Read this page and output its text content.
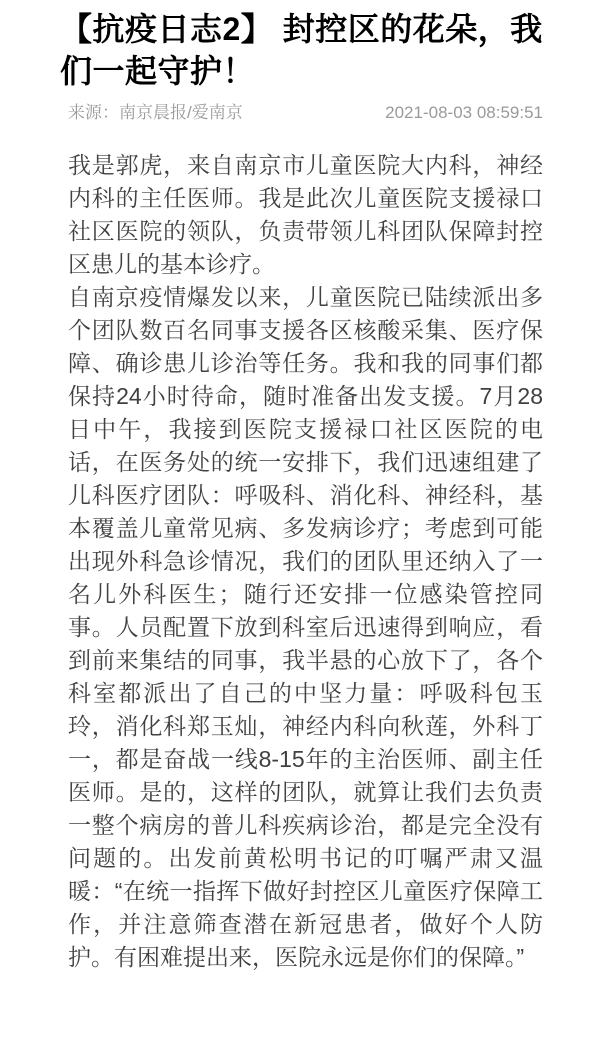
【抗疫日志2】 封控区的花朵，我们一起守护！
来源：南京晨报/爱南京	2021-08-03 08:59:51

我是郭虎，来自南京市儿童医院大内科，神经内科的主任医师。我是此次儿童医院支援禄口社区医院的领队，负责带领儿科团队保障封控区患儿的基本诊疗。

自南京疫情爆发以来，儿童医院已陆续派出多个团队数百名同事支援各区核酸采集、医疗保障、确诊患儿诊治等任务。我和我的同事们都保持24小时待命，随时准备出发支援。7月28日中午，我接到医院支援禄口社区医院的电话，在医务处的统一安排下，我们迅速组建了儿科医疗团队：呼吸科、消化科、神经科，基本覆盖儿童常见病、多发病诊疗；考虑到可能出现外科急诊情况，我们的团队里还纳入了一名儿外科医生；随行还安排一位感染管控同事。人员配置下放到科室后迅速得到响应，看到前来集结的同事，我半悬的心放下了，各个科室都派出了自己的中坚力量：呼吸科包玉玲，消化科郑玉灿，神经内科向秋莲，外科丁一，都是奋战一线8-15年的主治医师、副主任医师。是的，这样的团队，就算让我们去负责一整个病房的普儿科疾病诊治，都是完全没有问题的。出发前黄松明书记的叮嘱严肃又温暖：“在统一指挥下做好封控区儿童医疗保障工作，并注意筛查潜在新冠患者，做好个人防护。有困难提出来，医院永远是你们的保障。”
